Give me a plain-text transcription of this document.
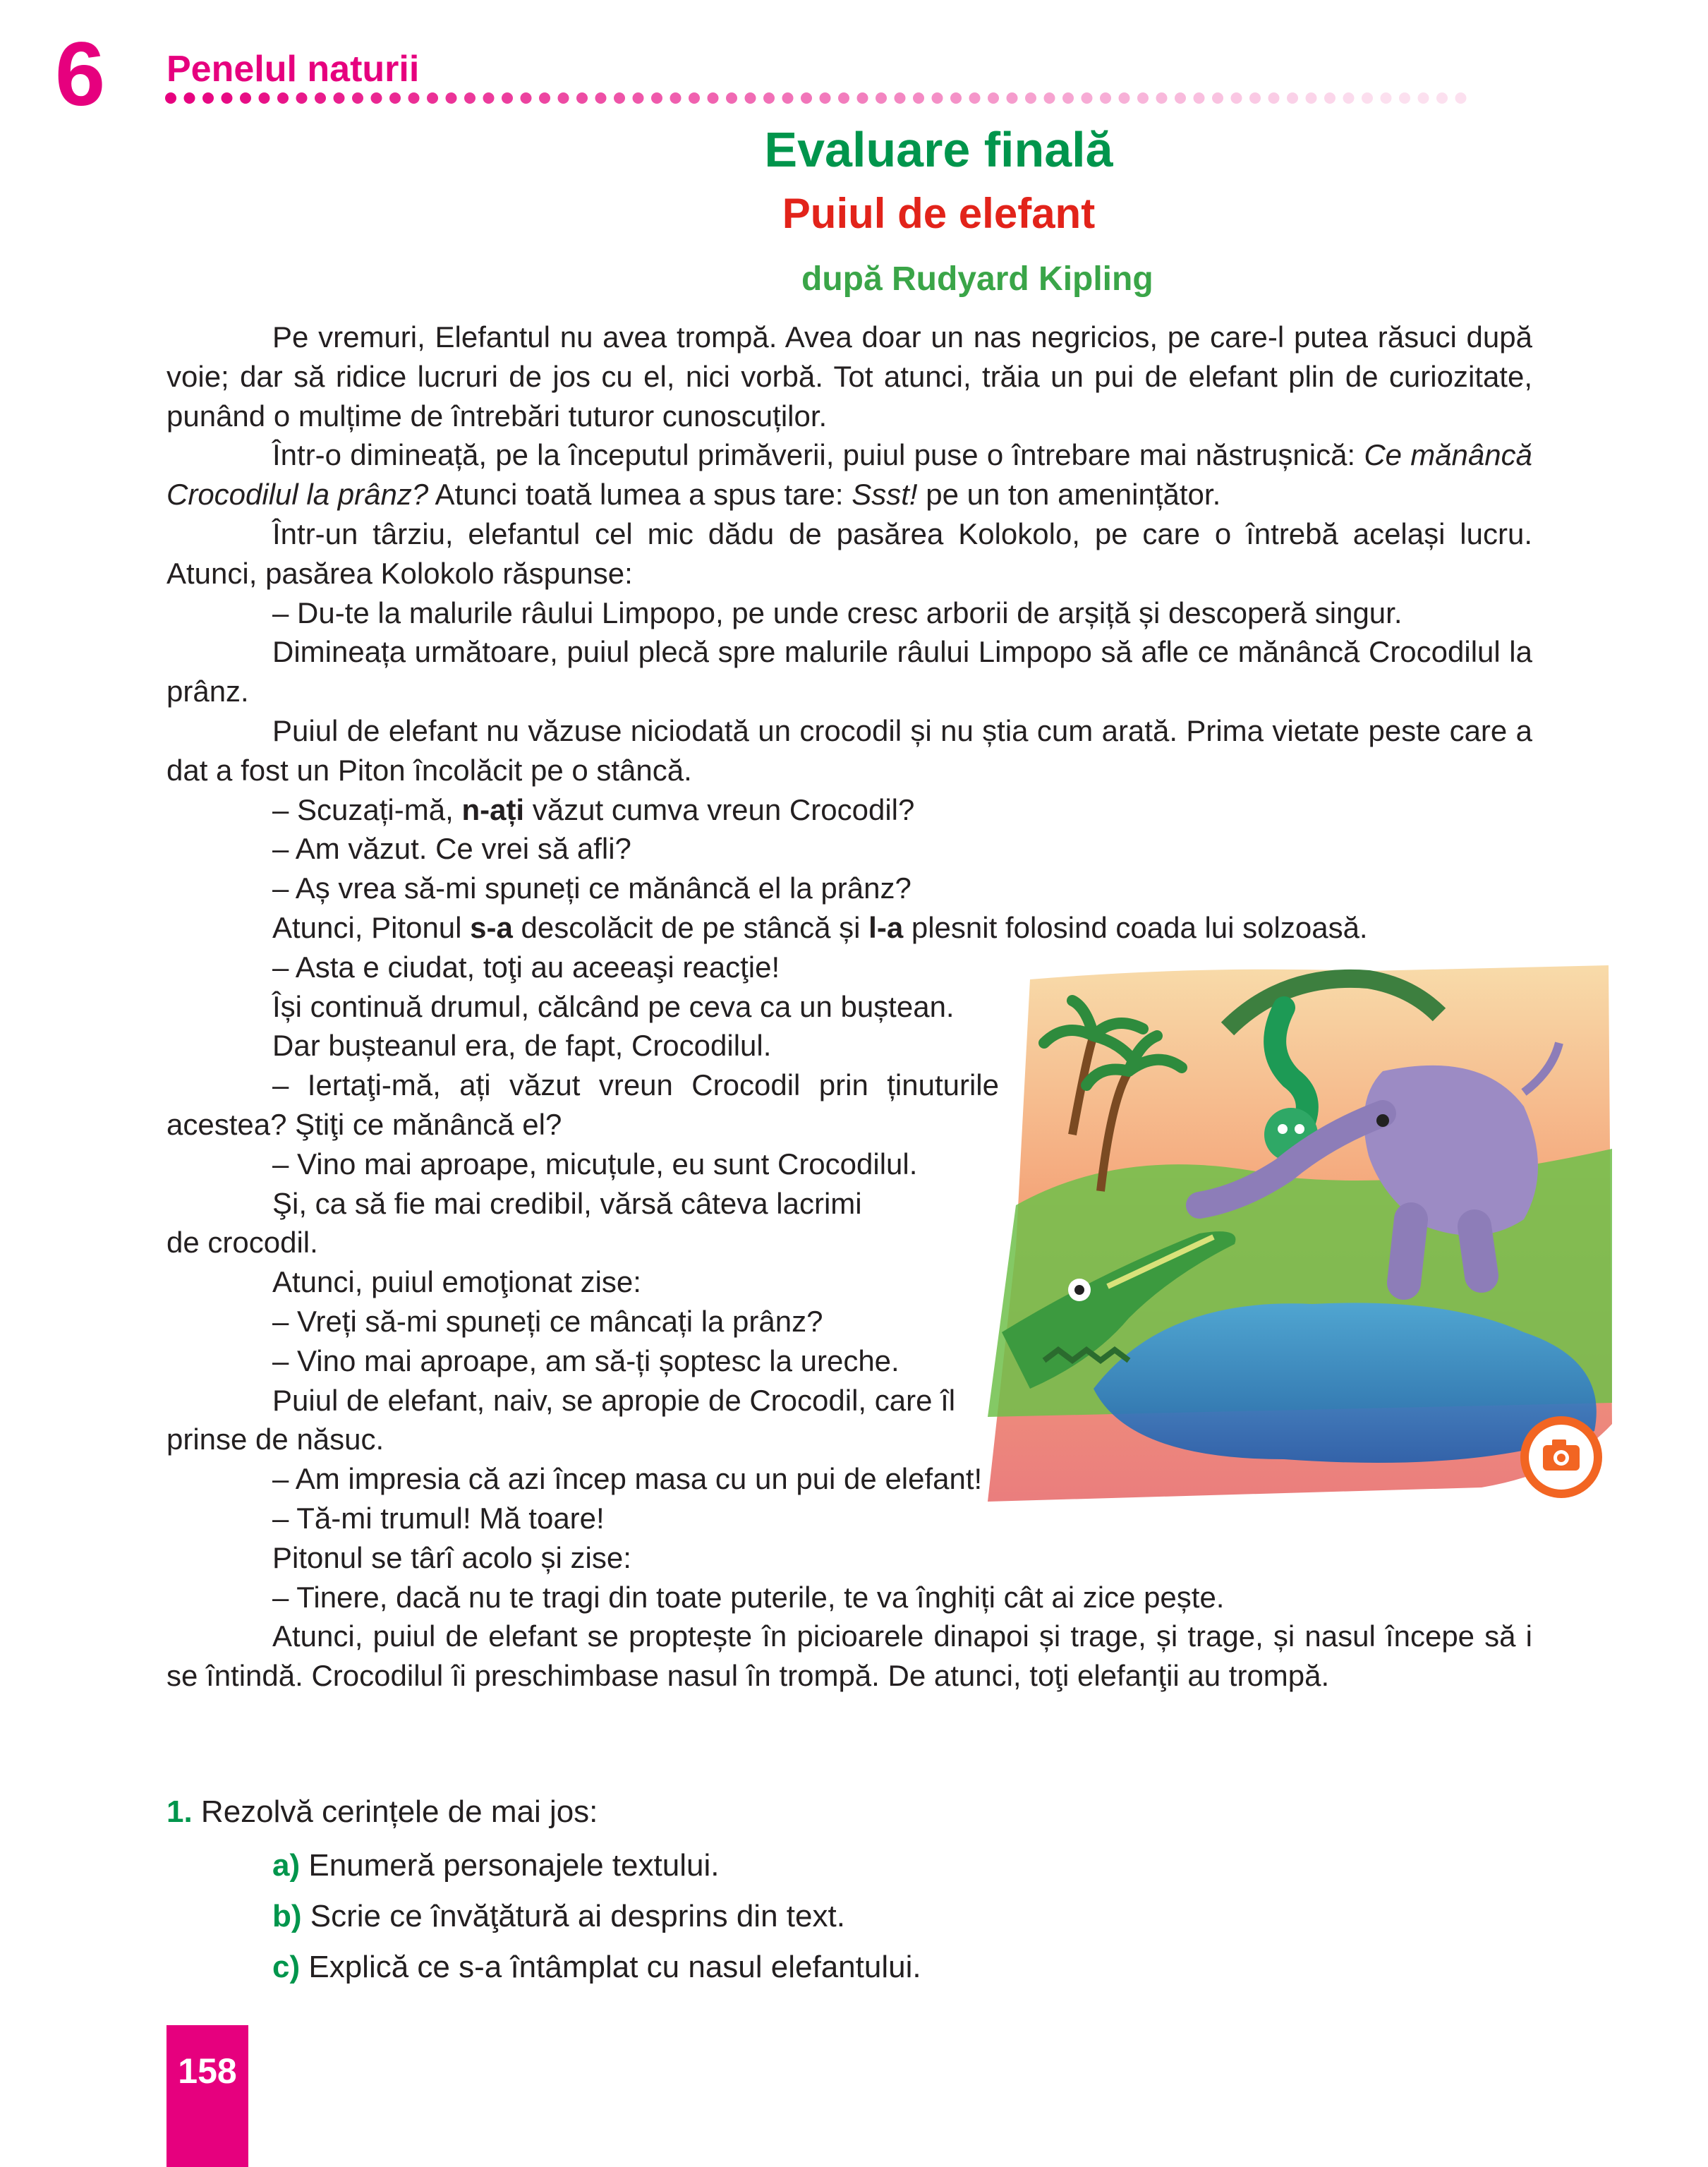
6 Penelul naturii
Evaluare finală
Puiul de elefant
după Rudyard Kipling

Pe vremuri, Elefantul nu avea trompă. Avea doar un nas negricios, pe care-l putea răsuci după voie; dar să ridice lucruri de jos cu el, nici vorbă. Tot atunci, trăia un pui de elefant plin de curiozitate, punând o mulțime de întrebări tuturor cunoscuților.

Într-o dimineață, pe la începutul primăverii, puiul puse o întrebare mai năstrușnică: Ce mănâncă Crocodilul la prânz? Atunci toată lumea a spus tare: Ssst! pe un ton amenințător.

Într-un târziu, elefantul cel mic dădu de pasărea Kolokolo, pe care o întrebă același lucru. Atunci, pasărea Kolokolo răspunse:

– Du-te la malurile râului Limpopo, pe unde cresc arborii de arșiță și descoperă singur.

Dimineața următoare, puiul plecă spre malurile râului Limpopo să afle ce mănâncă Crocodilul la prânz.

Puiul de elefant nu văzuse niciodată un crocodil și nu știa cum arată. Prima vietate peste care a dat a fost un Piton încolăcit pe o stâncă.

– Scuzați-mă, n-ați văzut cumva vreun Crocodil?

– Am văzut. Ce vrei să afli?

– Aș vrea să-mi spuneți ce mănâncă el la prânz?

Atunci, Pitonul s-a descolăcit de pe stâncă și l-a plesnit folosind coada lui solzoasă.

– Asta e ciudat, toţi au aceeaşi reacţie!

Își continuă drumul, călcând pe ceva ca un buștean.

Dar bușteanul era, de fapt, Crocodilul.

– Iertaţi-mă, ați văzut vreun Crocodil prin ținuturile acestea? Ştiţi ce mănâncă el?

– Vino mai aproape, micuțule, eu sunt Crocodilul.

Şi, ca să fie mai credibil, vărsă câteva lacrimi de crocodil.

Atunci, puiul emoţionat zise:

– Vreți să-mi spuneți ce mâncați la prânz?

– Vino mai aproape, am să-ți șoptesc la ureche.

Puiul de elefant, naiv, se apropie de Crocodil, care îl prinse de năsuc.

– Am impresia că azi încep masa cu un pui de elefant!

– Tă-mi trumul! Mă toare!

Pitonul se târî acolo și zise:

– Tinere, dacă nu te tragi din toate puterile, te va înghiți cât ai zice pește.

Atunci, puiul de elefant se proptește în picioarele dinapoi și trage, și trage, și nasul începe să i se întindă. Crocodilul îi preschimbase nasul în trompă. De atunci, toţi elefanţii au trompă.

1. Rezolvă cerințele de mai jos:
a) Enumeră personajele textului.
b) Scrie ce învăţătură ai desprins din text.
c) Explică ce s-a întâmplat cu nasul elefantului.
158
